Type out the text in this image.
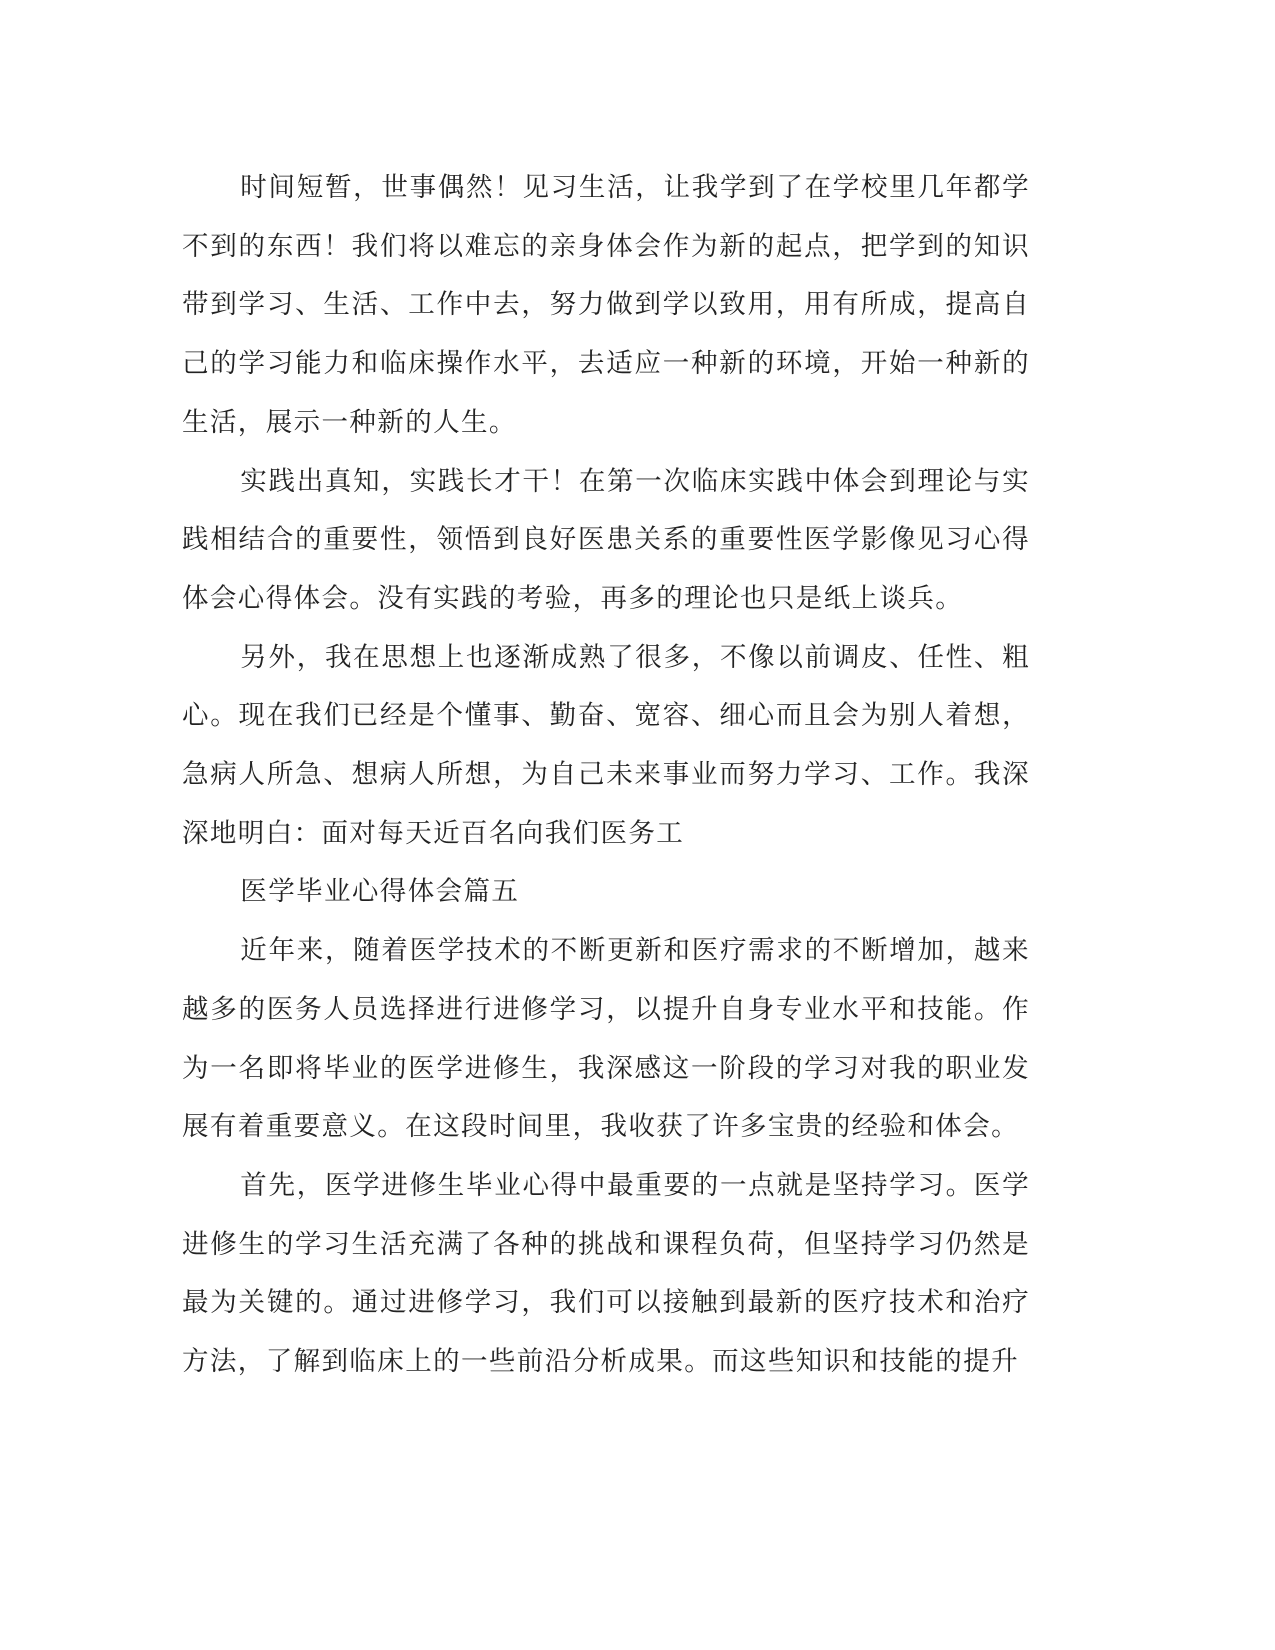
时间短暂，世事偶然！见习生活，让我学到了在学校里几年都学不到的东西！我们将以难忘的亲身体会作为新的起点，把学到的知识带到学习、生活、工作中去，努力做到学以致用，用有所成，提高自己的学习能力和临床操作水平，去适应一种新的环境，开始一种新的生活，展示一种新的人生。

实践出真知，实践长才干！在第一次临床实践中体会到理论与实践相结合的重要性，领悟到良好医患关系的重要性医学影像见习心得体会心得体会。没有实践的考验，再多的理论也只是纸上谈兵。

另外，我在思想上也逐渐成熟了很多，不像以前调皮、任性、粗心。现在我们已经是个懂事、勤奋、宽容、细心而且会为别人着想，急病人所急、想病人所想，为自己未来事业而努力学习、工作。我深深地明白：面对每天近百名向我们医务工

医学毕业心得体会篇五

近年来，随着医学技术的不断更新和医疗需求的不断增加，越来越多的医务人员选择进行进修学习，以提升自身专业水平和技能。作为一名即将毕业的医学进修生，我深感这一阶段的学习对我的职业发展有着重要意义。在这段时间里，我收获了许多宝贵的经验和体会。

首先，医学进修生毕业心得中最重要的一点就是坚持学习。医学进修生的学习生活充满了各种的挑战和课程负荷，但坚持学习仍然是最为关键的。通过进修学习，我们可以接触到最新的医疗技术和治疗方法，了解到临床上的一些前沿分析成果。而这些知识和技能的提升
